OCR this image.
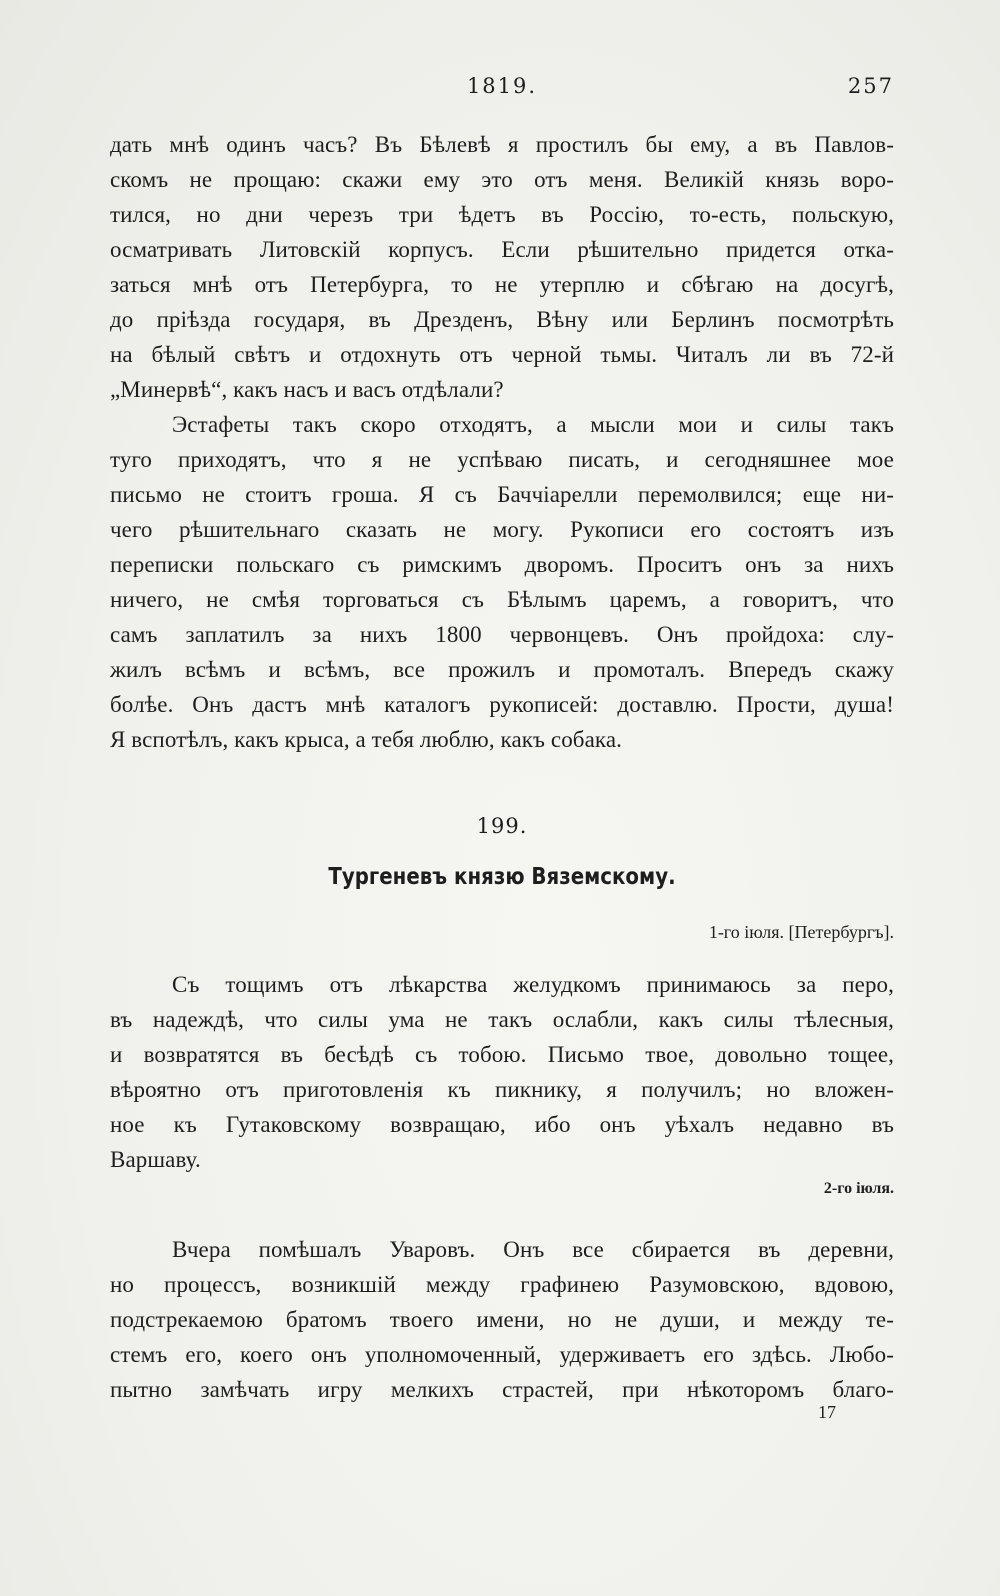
1819.	257
дать мнѣ одинъ часъ? Въ Бѣлевѣ я простилъ бы ему, а въ Павлов-
скомъ не прощаю: скажи ему это отъ меня. Великій князь воро-
тился, но дни черезъ три ѣдетъ въ Россію, то-есть, польскую,
осматривать Литовскій корпусъ. Если рѣшительно придется отка-
заться мнѣ отъ Петербурга, то не утерплю и сбѣгаю на досугѣ,
до пріѣзда государя, въ Дрезденъ, Вѣну или Берлинъ посмотрѣть
на бѣлый свѣтъ и отдохнуть отъ черной тьмы. Читалъ ли въ 72-й
„Минервѣ“, какъ насъ и васъ отдѣлали?
Эстафеты такъ скоро отходятъ, а мысли мои и силы такъ
туго приходятъ, что я не успѣваю писать, и сегодняшнее мое
письмо не стоитъ гроша. Я съ Баччіарелли перемолвился; еще ни-
чего рѣшительнаго сказать не могу. Рукописи его состоятъ изъ
переписки польскаго съ римскимъ дворомъ. Проситъ онъ за нихъ
ничего, не смѣя торговаться съ Бѣлымъ царемъ, а говоритъ, что
самъ заплатилъ за нихъ 1800 червонцевъ. Онъ пройдоха: слу-
жилъ всѣмъ и всѣмъ, все прожилъ и промоталъ. Впередъ скажу
болѣе. Онъ дастъ мнѣ каталогъ рукописей: доставлю. Прости, душа!
Я вспотѣлъ, какъ крыса, а тебя люблю, какъ собака.
199.
Тургеневъ князю Вяземскому.
1-го іюля. [Петербургъ].
Съ тощимъ отъ лѣкарства желудкомъ принимаюсь за перо,
въ надеждѣ, что силы ума не такъ ослабли, какъ силы тѣлесныя,
и возвратятся въ бесѣдѣ съ тобою. Письмо твое, довольно тощее,
вѣроятно отъ приготовленія къ пикнику, я получилъ; но вложен-
ное къ Гутаковскому возвращаю, ибо онъ уѣхалъ недавно въ
Варшаву.
2-го іюля.
Вчера помѣшалъ Уваровъ. Онъ все сбирается въ деревни,
но процессъ, возникшій между графинею Разумовскою, вдовою,
подстрекаемою братомъ твоего имени, но не души, и между те-
стемъ его, коего онъ уполномоченный, удерживаетъ его здѣсь. Любо-
пытно замѣчать игру мелкихъ страстей, при нѣкоторомъ благо-
17
